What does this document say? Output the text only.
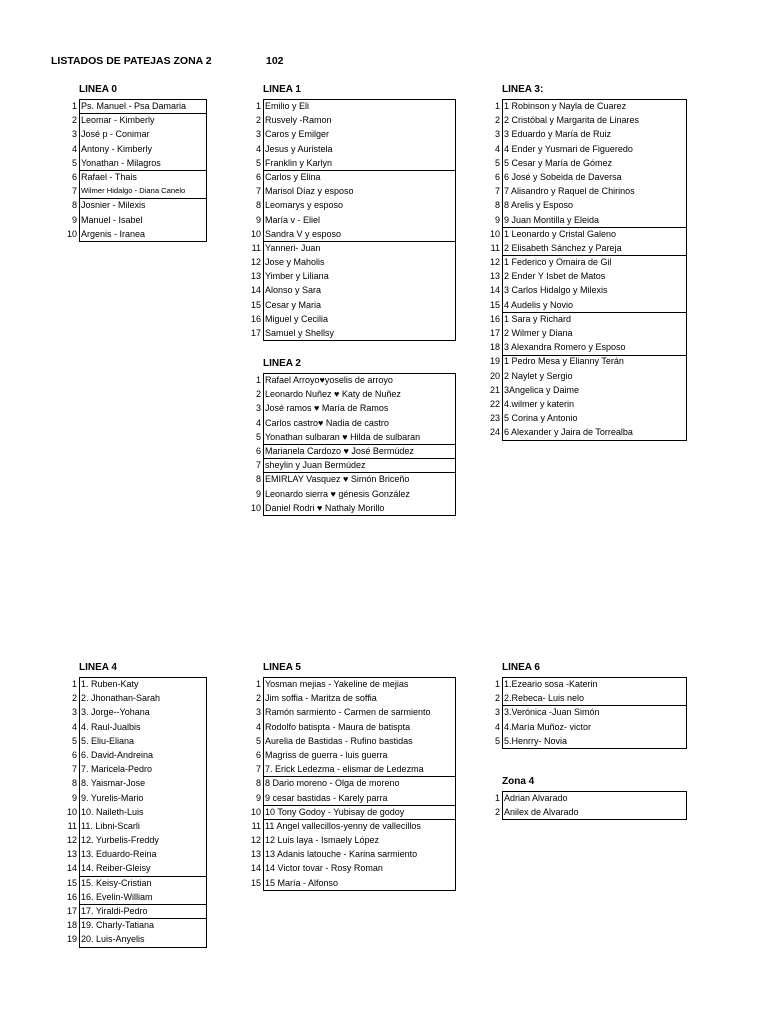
LISTADOS DE PATEJAS ZONA 2	102
LINEA 0
1 Ps. Manuel - Psa Damaria
2 Leomar - Kimberly
3 José p - Conimar
4 Antony - Kimberly
5 Yonathan - Milagros
6 Rafael - Thais
7 Wilmer Hidalgo - Diana Canelo
8 Josnier - Milexis
9 Manuel - Isabel
10 Argenis - Iranea
LINEA 1
1 Emilio y Eli
2 Rusvely -Ramon
3 Caros y Emilger
4 Jesus y Auristela
5 Franklin y Karlyn
6 Carlos y Elina
7 Marisol Díaz y esposo
8 Leomarys y esposo
9 María v - Eliel
10 Sandra V y esposo
11 Yanneri- Juan
12 Jose y Maholis
13 Yimber y Liliana
14 Alonso y Sara
15 Cesar y Maria
16 Miguel y Cecilia
17 Samuel y Shellsy
LINEA 3:
1 1 Robinson y Nayla de Cuarez
2 2 Cristóbal y Margarita de Linares
3 3 Eduardo y María de Ruiz
4 4 Ender y Yusmari de Figueredo
5 5 Cesar y María de Gómez
6 6 José y Sobeida de Daversa
7 7 Alisandro y Raquel de Chirinos
8 8 Arelis y Esposo
9 9 Juan Montilla y Eleida
10 1 Leonardo y Cristal Galeno
11 2 Elisabeth Sánchez y Pareja
12 1 Federico y Omaira de Gil
13 2 Ender Y Isbet de Matos
14 3 Carlos Hidalgo y Milexis
15 4 Audelis y Novio
16 1 Sara y Richard
17 2 Wilmer y Diana
18 3 Alexandra Romero y Esposo
19 1 Pedro Mesa y Elianny Terán
20 2 Naylet y Sergio
21 3Angelica y Daime
22 4.wilmer y katerin
23 5 Corina y Antonio
24 6 Alexander y Jaira de Torrealba
LINEA 2
1 Rafael Arroyo♥yoselis de arroyo
2 Leonardo Nuñez ♥ Katy de Nuñez
3 José ramos ♥ María de Ramos
4 Carlos castro♥ Nadia de castro
5 Yonathan sulbaran ♥ Hilda de sulbaran
6 Marianela Cardozo ♥ José Bermúdez
7 sheylin y Juan Bermúdez
8 EMIRLAY Vasquez ♥ Simón Briceño
9 Leonardo sierra ♥ génesis González
10 Daniel Rodri ♥ Nathaly Morillo
LINEA 4
1 1. Ruben-Katy
2 2. Jhonathan-Sarah
3 3. Jorge--Yohana
4 4. Raul-Jualbis
5 5. Eliu-Eliana
6 6. David-Andreina
7 7. Maricela-Pedro
8 8. Yaismar-Jose
9 9. Yurelis-Mario
10 10. Naileth-Luis
11 11. Libni-Scarli
12 12. Yurbelis-Freddy
13 13. Eduardo-Reina
14 14. Reiber-Gleisy
15 15. Keisy-Cristian
16 16. Evelin-William
17 17. Yiraldi-Pedro
18 19. Charly-Tatiana
19 20. Luis-Anyelis
LINEA 5
1 Yosman mejias - Yakeline de mejias
2 Jim soffia - Maritza de soffia
3 Ramón sarmiento - Carmen de sarmiento
4 Rodolfo batispta - Maura de batispta
5 Aurelia de Bastidas - Rufino bastidas
6 Magriss de guerra - luis guerra
7 7. Erick Ledezma - elismar de Ledezma
8 8 Dario moreno - Olga de moreno
9 9 cesar bastidas - Karely parra
10 10 Tony Godoy - Yubisay de godoy
11 11 Angel vallecillos-yenny de vallecillos
12 12 Luis laya - Ismaely López
13 13 Adanis latouche - Karina sarmiento
14 14 Victor tovar - Rosy Roman
15 15 María - Alfonso
LINEA 6
1 1.Ezeario sosa -Katerin
2 2.Rebeca- Luis nelo
3 3.Verónica -Juan Simón
4 4.María Muñoz- victor
5 5.Henrry- Novia
Zona 4
1 Adrian Alvarado
2 Anilex de Alvarado
